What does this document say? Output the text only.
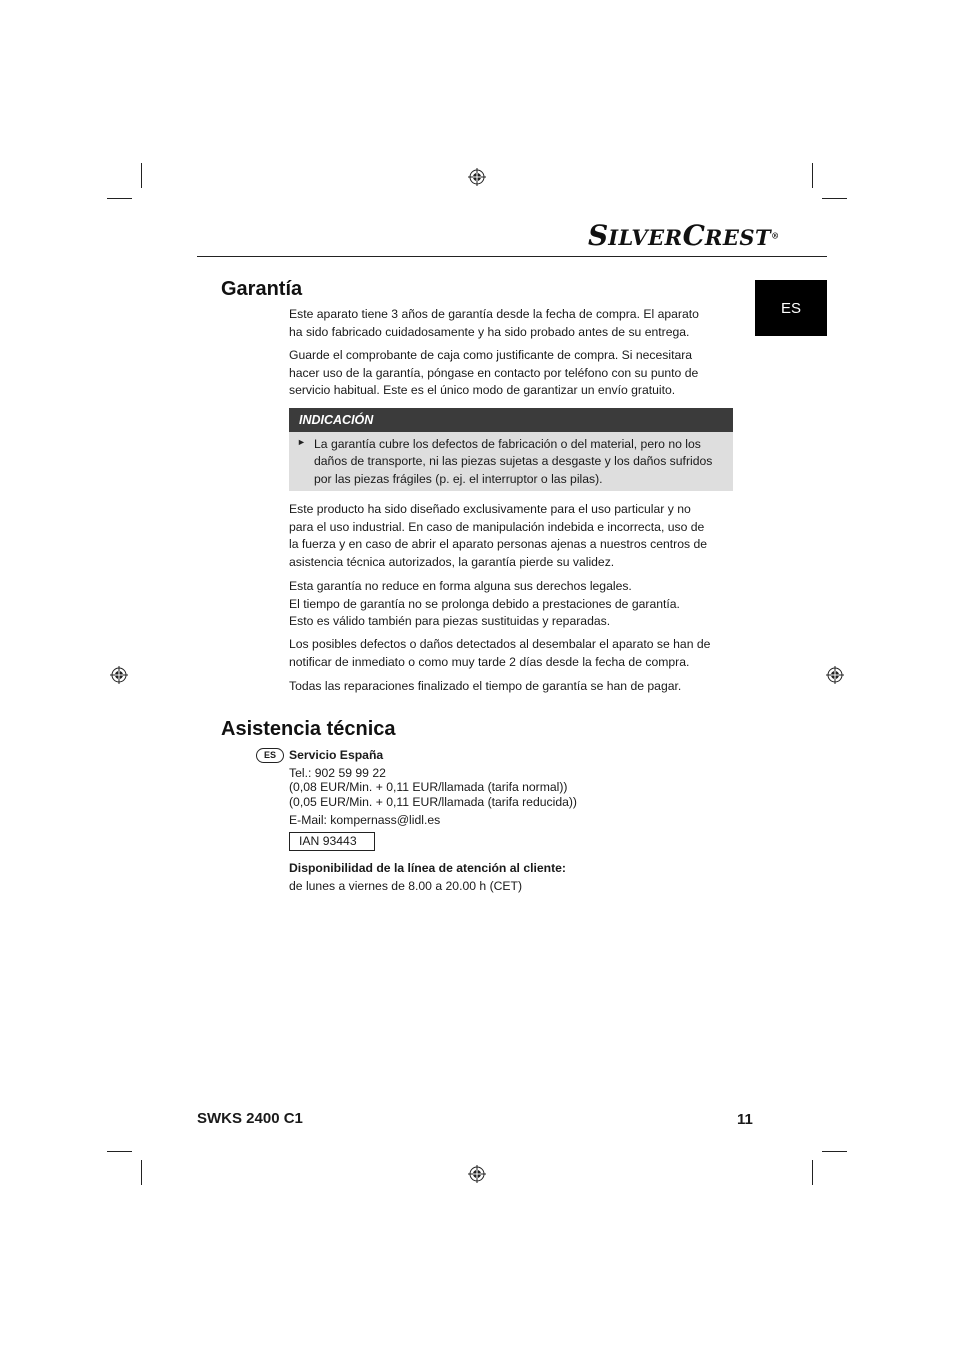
SILVERCREST®
ES
Garantía
Este aparato tiene 3 años de garantía desde la fecha de compra. El aparato
ha sido fabricado cuidadosamente y ha sido probado antes de su entrega.
Guarde el comprobante de caja como justificante de compra. Si necesitara
hacer uso de la garantía, póngase en contacto por teléfono con su punto de
servicio habitual. Este es el único modo de garantizar un envío gratuito.
INDICACIÓN
► La garantía cubre los defectos de fabricación o del material, pero no los
daños de transporte, ni las piezas sujetas a desgaste y los daños sufridos
por las piezas frágiles (p. ej. el interruptor o las pilas).
Este producto ha sido diseñado exclusivamente para el uso particular y no
para el uso industrial. En caso de manipulación indebida e incorrecta, uso de
la fuerza y en caso de abrir el aparato personas ajenas a nuestros centros de
asistencia técnica autorizados, la garantía pierde su validez.
Esta garantía no reduce en forma alguna sus derechos legales.
El tiempo de garantía no se prolonga debido a prestaciones de garantía.
Esto es válido también para piezas sustituidas y reparadas.
Los posibles defectos o daños detectados al desembalar el aparato se han de
notificar de inmediato o como muy tarde 2 días desde la fecha de compra.
Todas las reparaciones finalizado el tiempo de garantía se han de pagar.
Asistencia técnica
ES	Servicio España
Tel.: 902 59 99 22
(0,08 EUR/Min. + 0,11 EUR/llamada (tarifa normal))
(0,05 EUR/Min. + 0,11 EUR/llamada (tarifa reducida))
E-Mail: kompernass@lidl.es
IAN 93443
Disponibilidad de la línea de atención al cliente:
de lunes a viernes de 8.00 a 20.00 h (CET)
SWKS 2400 C1	11
